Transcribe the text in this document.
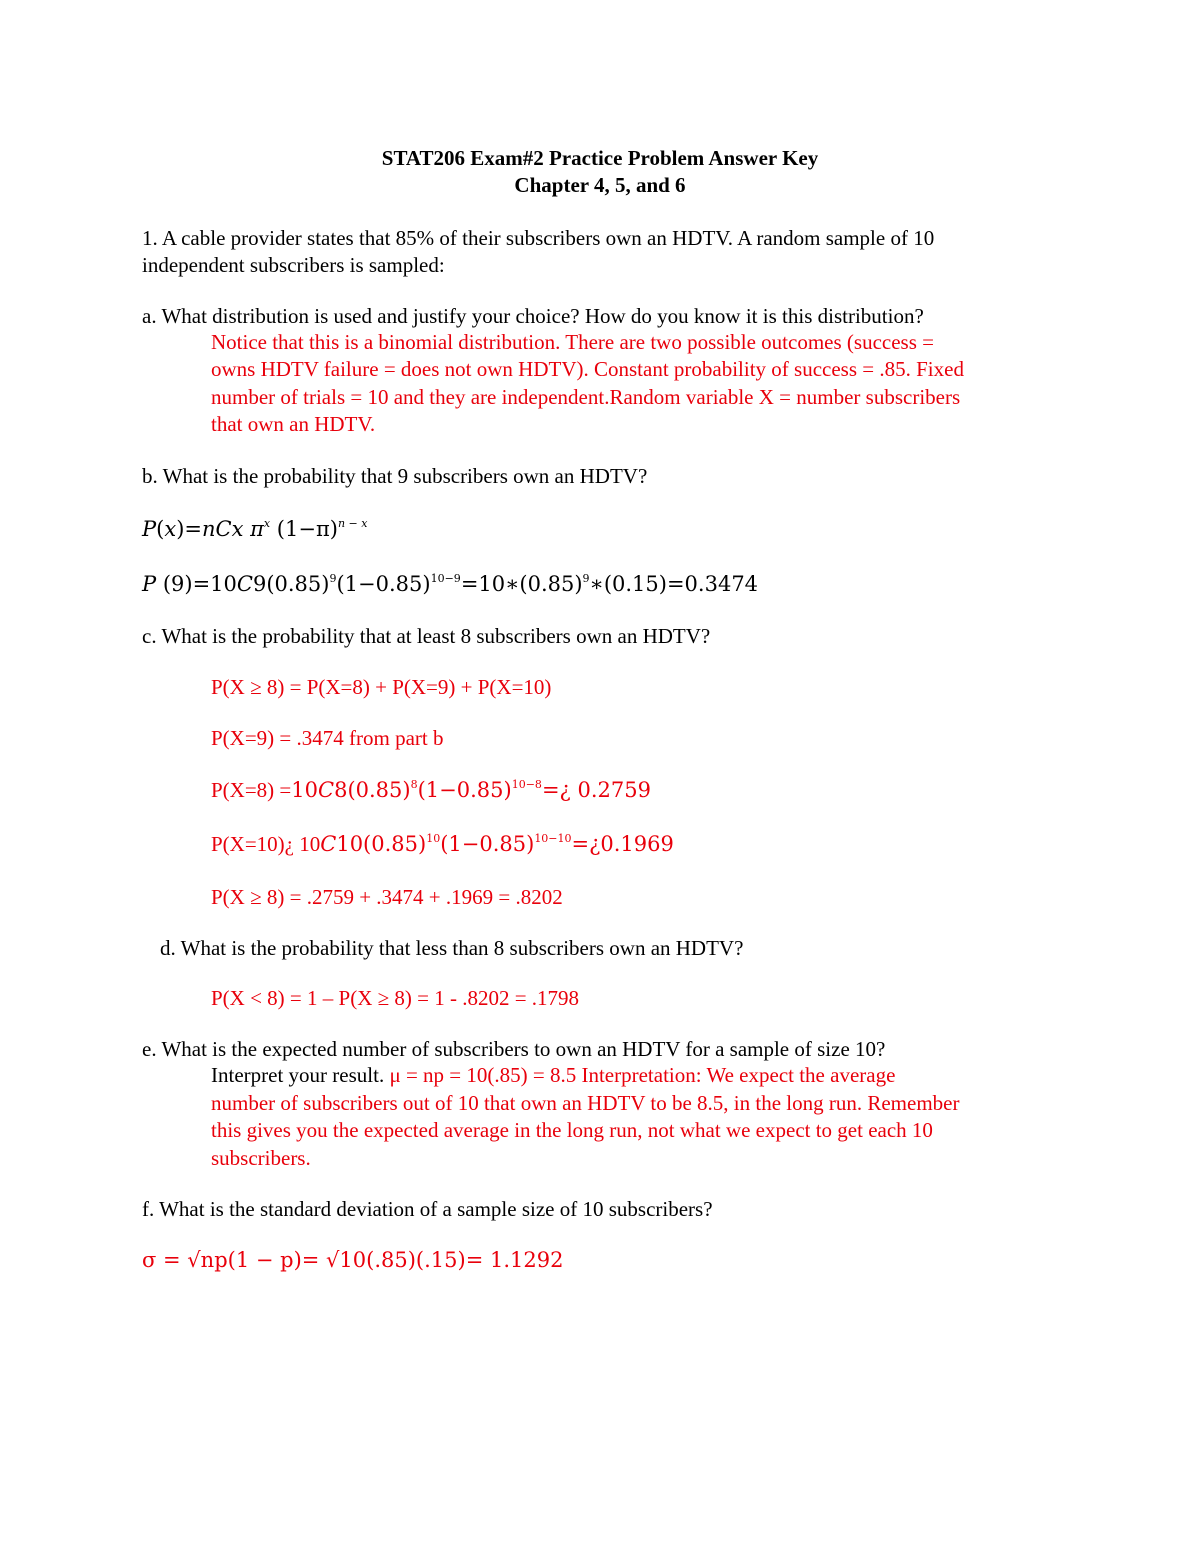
STAT206 Exam#2 Practice Problem Answer Key
Chapter 4, 5, and 6
1. A cable provider states that 85% of their subscribers own an HDTV. A random sample of 10
independent subscribers is sampled:
a. What distribution is used and justify your choice? How do you know it is this distribution?
Notice that this is a binomial distribution. There are two possible outcomes (success =
owns HDTV failure = does not own HDTV). Constant probability of success = .85. Fixed
number of trials = 10 and they are independent.Random variable X = number subscribers
that own an HDTV.
b. What is the probability that 9 subscribers own an HDTV?
P(x)=nCx $\pi^x$ $(1-\pi)^{n - x}$
P $(9)=10C9(0.85)^9(1-0.85)^{10-9}=10∗(0.85)^9∗(0.15)=0.3474$
c. What is the probability that at least 8 subscribers own an HDTV?
P(X ≥ 8) = P(X=8) + P(X=9) + P(X=10)
P(X=9) = .3474 from part b
$P(X=8) =10C8(0.85)^8(1-0.85)^{10-8}=¿$ 0.2759
P(X=10)¿ $10C10(0.85)^{10}(1-0.85)^{10-10}=¿0.1969$
P(X ≥ 8) = .2759 + .3474 + .1969 = .8202
d. What is the probability that less than 8 subscribers own an HDTV?
P(X < 8) = 1 – P(X ≥ 8) = 1 - .8202 = .1798
e. What is the expected number of subscribers to own an HDTV for a sample of size 10?
Interpret your result. μ = np = 10(.85) = 8.5 Interpretation: We expect the average
number of subscribers out of 10 that own an HDTV to be 8.5, in the long run. Remember
this gives you the expected average in the long run, not what we expect to get each 10
subscribers.
f. What is the standard deviation of a sample size of 10 subscribers?
σ = √np(1 − p)= √10(.85)(.15)= 1.1292
